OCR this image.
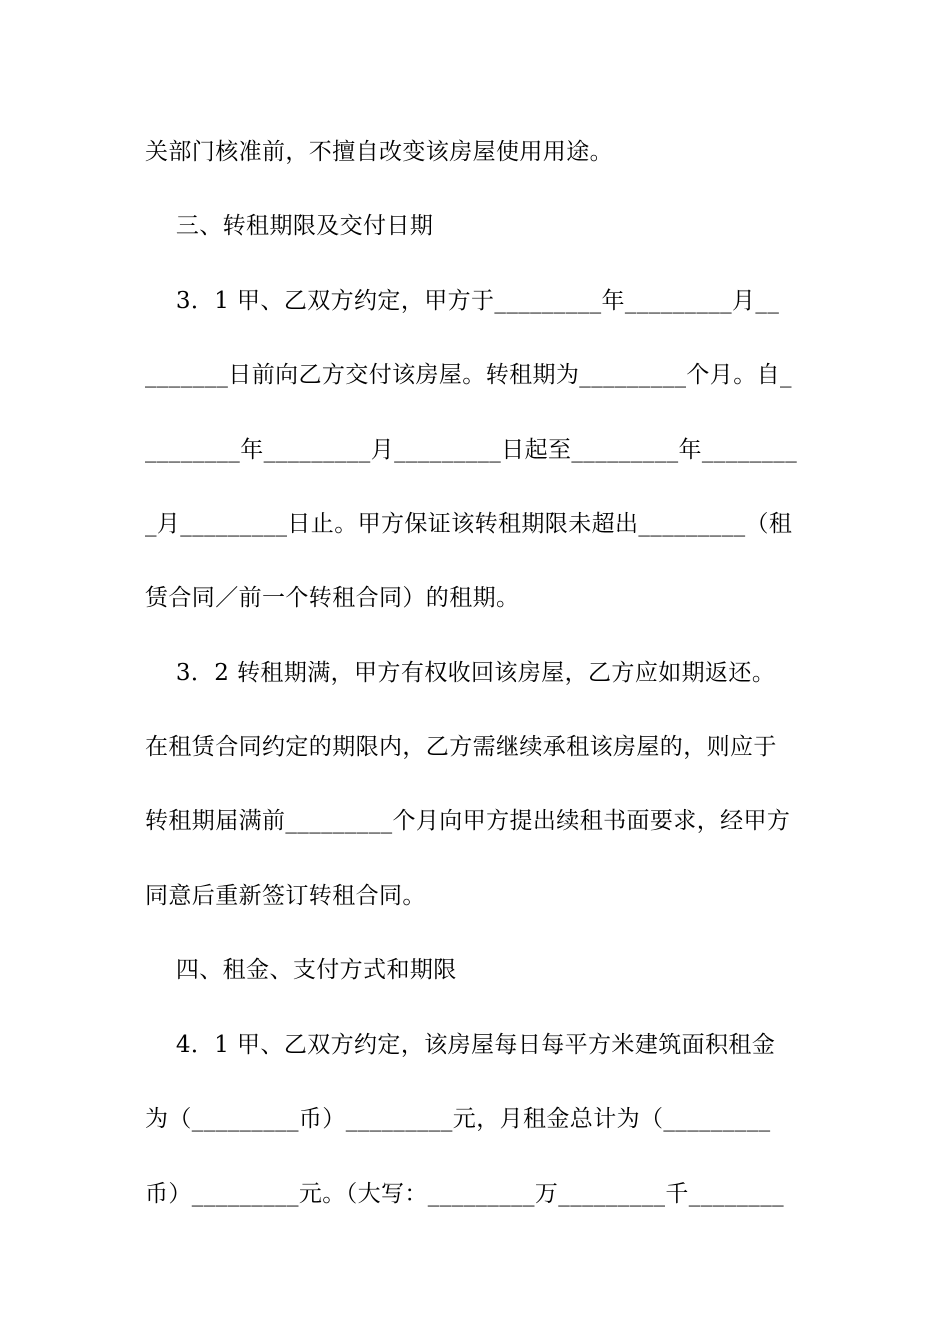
关部门核准前，不擅自改变该房屋使用用途。
三、转租期限及交付日期
3．1 甲、乙双方约定，甲方于_________年_________月__
_______日前向乙方交付该房屋。转租期为_________个月。自_
________年_________月_________日起至_________年________
_月_________日止。甲方保证该转租期限未超出_________（租
赁合同／前一个转租合同）的租期。
3．2 转租期满，甲方有权收回该房屋，乙方应如期返还。
在租赁合同约定的期限内，乙方需继续承租该房屋的，则应于
转租期届满前_________个月向甲方提出续租书面要求，经甲方
同意后重新签订转租合同。
四、租金、支付方式和期限
4．1 甲、乙双方约定，该房屋每日每平方米建筑面积租金
为（_________币）_________元，月租金总计为（_________
币）_________元。（大写：_________万_________千________
